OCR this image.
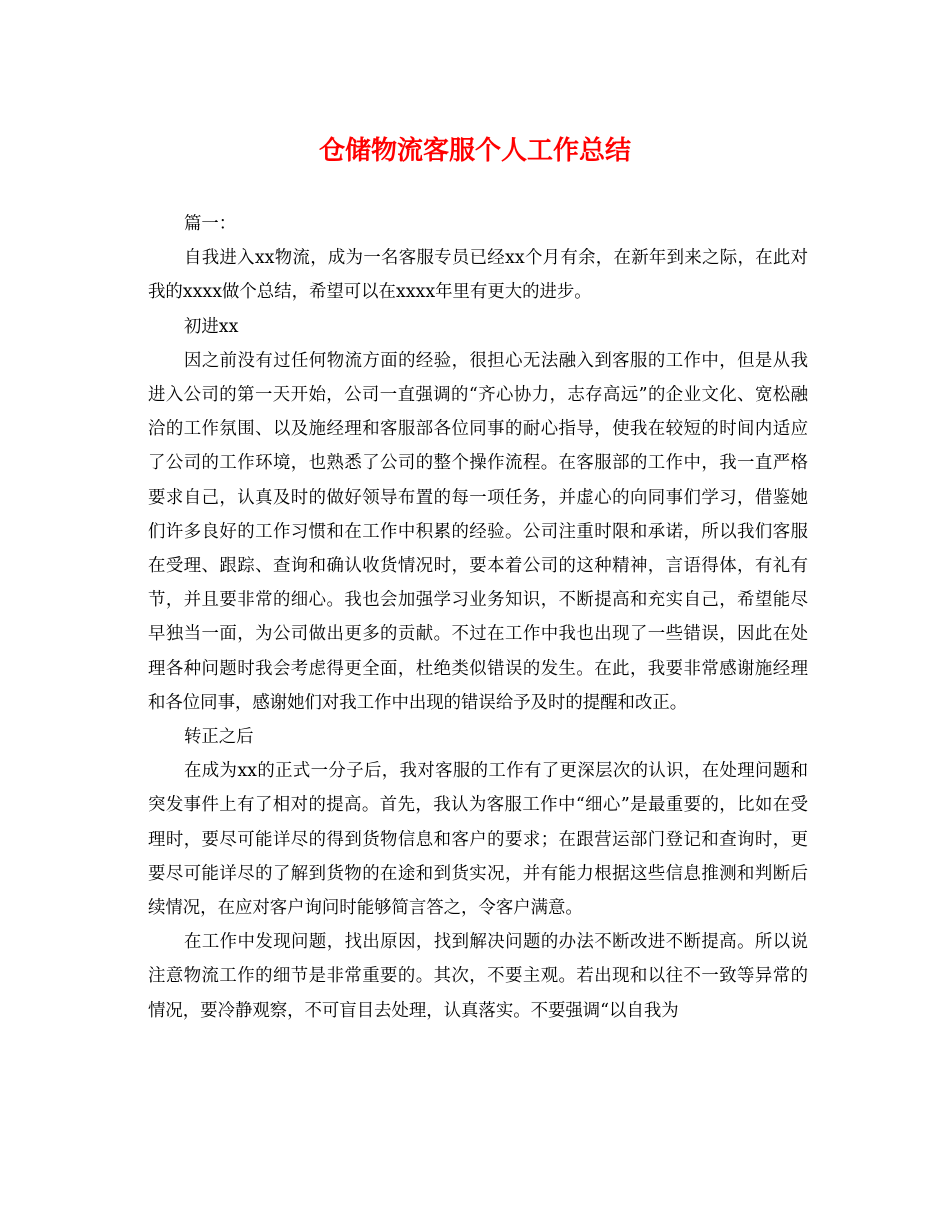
仓储物流客服个人工作总结

篇一：

自我进入xx物流，成为一名客服专员已经xx个月有余，在新年到来之际，在此对我的xxxx做个总结，希望可以在xxxx年里有更大的进步。

初进xx

因之前没有过任何物流方面的经验，很担心无法融入到客服的工作中，但是从我进入公司的第一天开始，公司一直强调的“齐心协力，志存高远”的企业文化、宽松融洽的工作氛围、以及施经理和客服部各位同事的耐心指导，使我在较短的时间内适应了公司的工作环境，也熟悉了公司的整个操作流程。在客服部的工作中，我一直严格要求自己，认真及时的做好领导布置的每一项任务，并虚心的向同事们学习，借鉴她们许多良好的工作习惯和在工作中积累的经验。公司注重时限和承诺，所以我们客服在受理、跟踪、查询和确认收货情况时，要本着公司的这种精神，言语得体，有礼有节，并且要非常的细心。我也会加强学习业务知识，不断提高和充实自己，希望能尽早独当一面，为公司做出更多的贡献。不过在工作中我也出现了一些错误，因此在处理各种问题时我会考虑得更全面，杜绝类似错误的发生。在此，我要非常感谢施经理和各位同事，感谢她们对我工作中出现的错误给予及时的提醒和改正。

转正之后

在成为xx的正式一分子后，我对客服的工作有了更深层次的认识，在处理问题和突发事件上有了相对的提高。首先，我认为客服工作中“细心”是最重要的，比如在受理时，要尽可能详尽的得到货物信息和客户的要求；在跟营运部门登记和查询时，更要尽可能详尽的了解到货物的在途和到货实况，并有能力根据这些信息推测和判断后续情况，在应对客户询问时能够简言答之，令客户满意。

在工作中发现问题，找出原因，找到解决问题的办法不断改进不断提高。所以说注意物流工作的细节是非常重要的。其次，不要主观。若出现和以往不一致等异常的情况，要冷静观察，不可盲目去处理，认真落实。不要强调“以自我为
